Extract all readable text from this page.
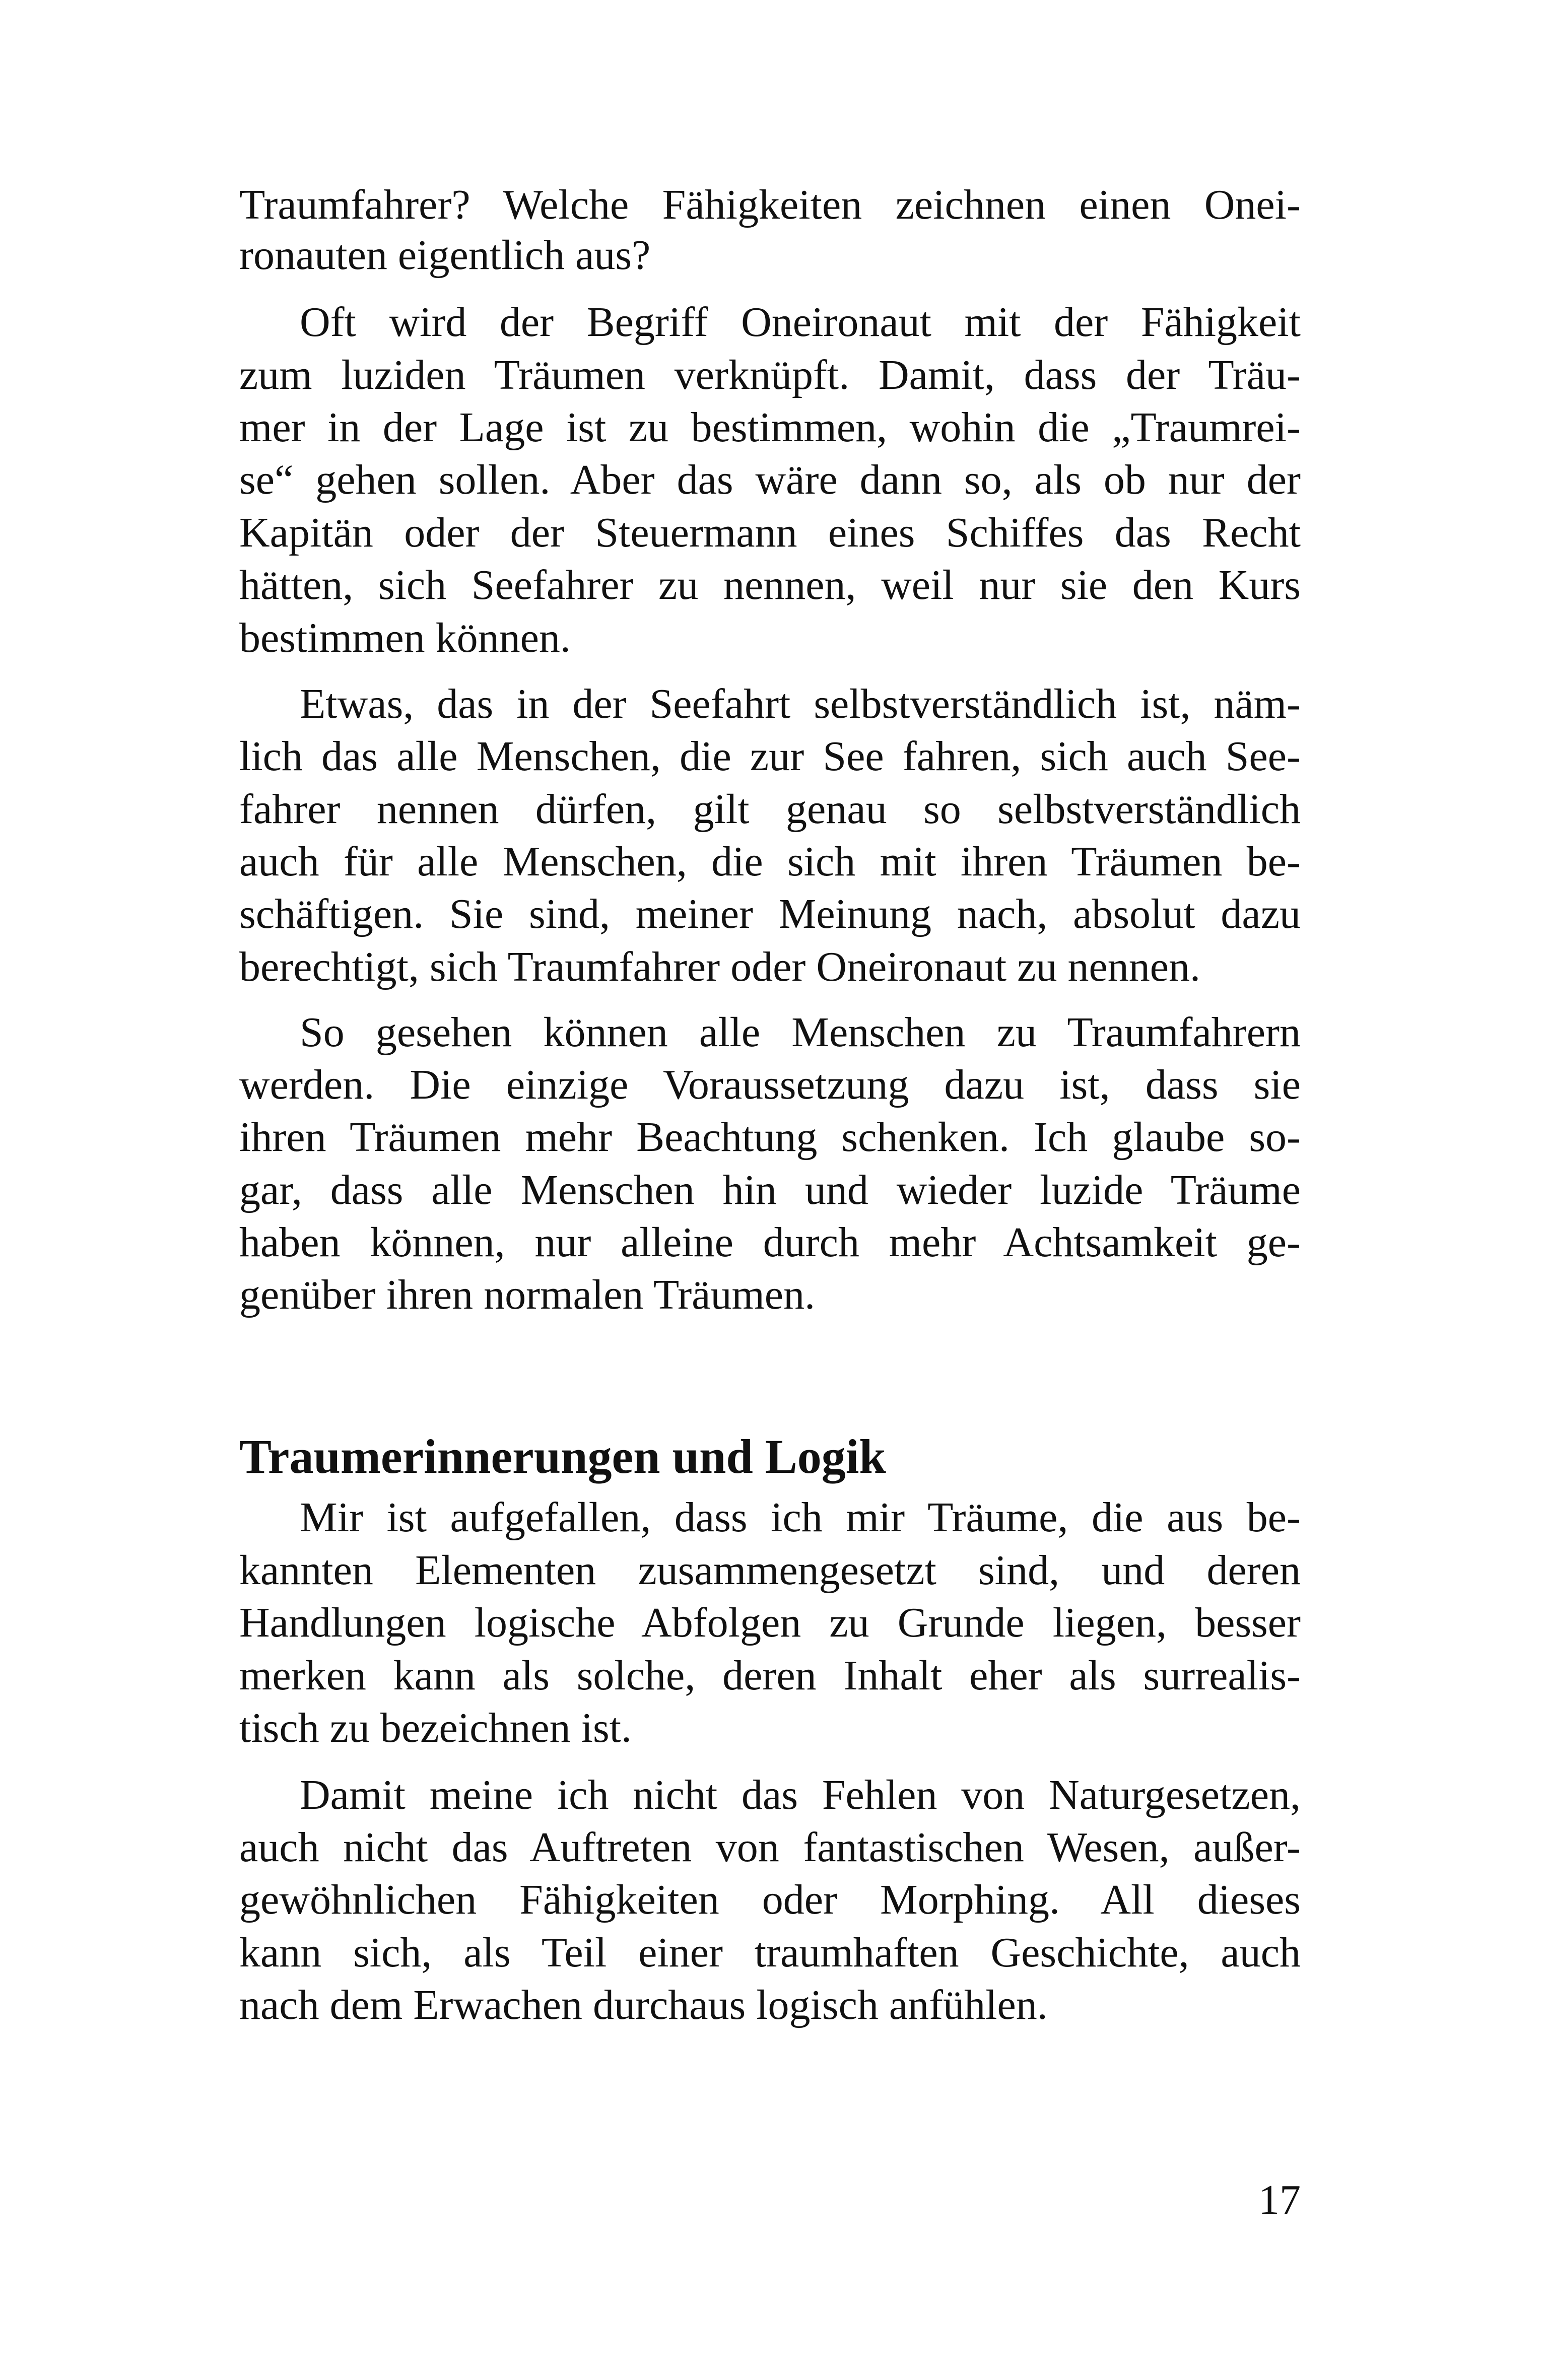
Traumfahrer? Welche Fähigkeiten zeichnen einen Onei-
ronauten eigentlich aus?
Oft wird der Begriff Oneironaut mit der Fähigkeit
zum luziden Träumen verknüpft. Damit, dass der Träu-
mer in der Lage ist zu bestimmen, wohin die „Traumrei-
se“ gehen sollen. Aber das wäre dann so, als ob nur der
Kapitän oder der Steuermann eines Schiffes das Recht
hätten, sich Seefahrer zu nennen, weil nur sie den Kurs
bestimmen können.
Etwas, das in der Seefahrt selbstverständlich ist, näm-
lich das alle Menschen, die zur See fahren, sich auch See-
fahrer nennen dürfen, gilt genau so selbstverständlich
auch für alle Menschen, die sich mit ihren Träumen be-
schäftigen. Sie sind, meiner Meinung nach, absolut dazu
berechtigt, sich Traumfahrer oder Oneironaut zu nennen.
So gesehen können alle Menschen zu Traumfahrern
werden. Die einzige Voraussetzung dazu ist, dass sie
ihren Träumen mehr Beachtung schenken. Ich glaube so-
gar, dass alle Menschen hin und wieder luzide Träume
haben können, nur alleine durch mehr Achtsamkeit ge-
genüber ihren normalen Träumen.
Traumerinnerungen und Logik
Mir ist aufgefallen, dass ich mir Träume, die aus be-
kannten Elementen zusammengesetzt sind, und deren
Handlungen logische Abfolgen zu Grunde liegen, besser
merken kann als solche, deren Inhalt eher als surrealis-
tisch zu bezeichnen ist.
Damit meine ich nicht das Fehlen von Naturgesetzen,
auch nicht das Auftreten von fantastischen Wesen, außer-
gewöhnlichen Fähigkeiten oder Morphing. All dieses
kann sich, als Teil einer traumhaften Geschichte, auch
nach dem Erwachen durchaus logisch anfühlen.
17
